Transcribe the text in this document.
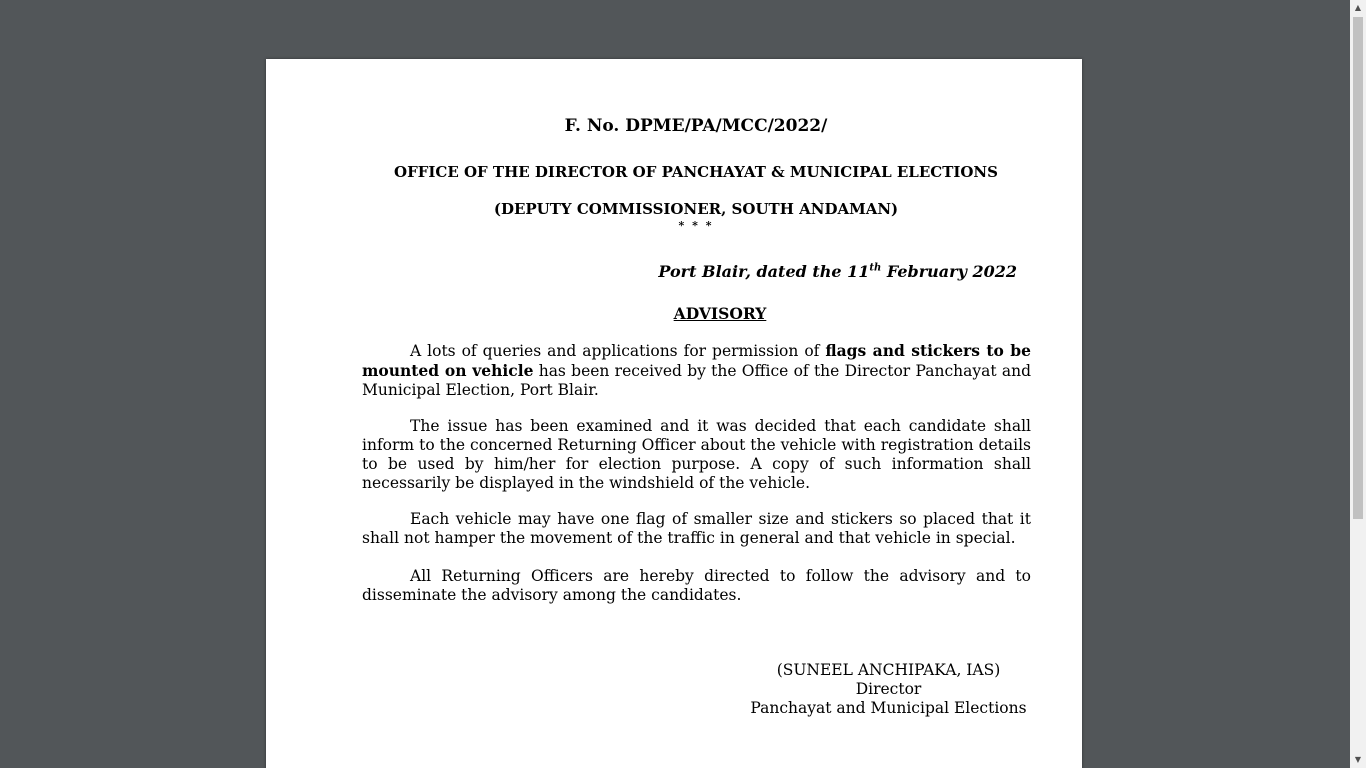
F. No. DPME/PA/MCC/2022/
OFFICE OF THE DIRECTOR OF PANCHAYAT & MUNICIPAL ELECTIONS
(DEPUTY COMMISSIONER, SOUTH ANDAMAN)
* * *
Port Blair, dated the 11th February 2022
ADVISORY
A lots of queries and applications for permission of flags and stickers to be mounted on vehicle has been received by the Office of the Director Panchayat and Municipal Election, Port Blair.
The issue has been examined and it was decided that each candidate shall inform to the concerned Returning Officer about the vehicle with registration details to be used by him/her for election purpose. A copy of such information shall necessarily be displayed in the windshield of the vehicle.
Each vehicle may have one flag of smaller size and stickers so placed that it shall not hamper the movement of the traffic in general and that vehicle in special.
All Returning Officers are hereby directed to follow the advisory and to disseminate the advisory among the candidates.
(SUNEEL ANCHIPAKA, IAS)
Director
Panchayat and Municipal Elections
▲
▼
